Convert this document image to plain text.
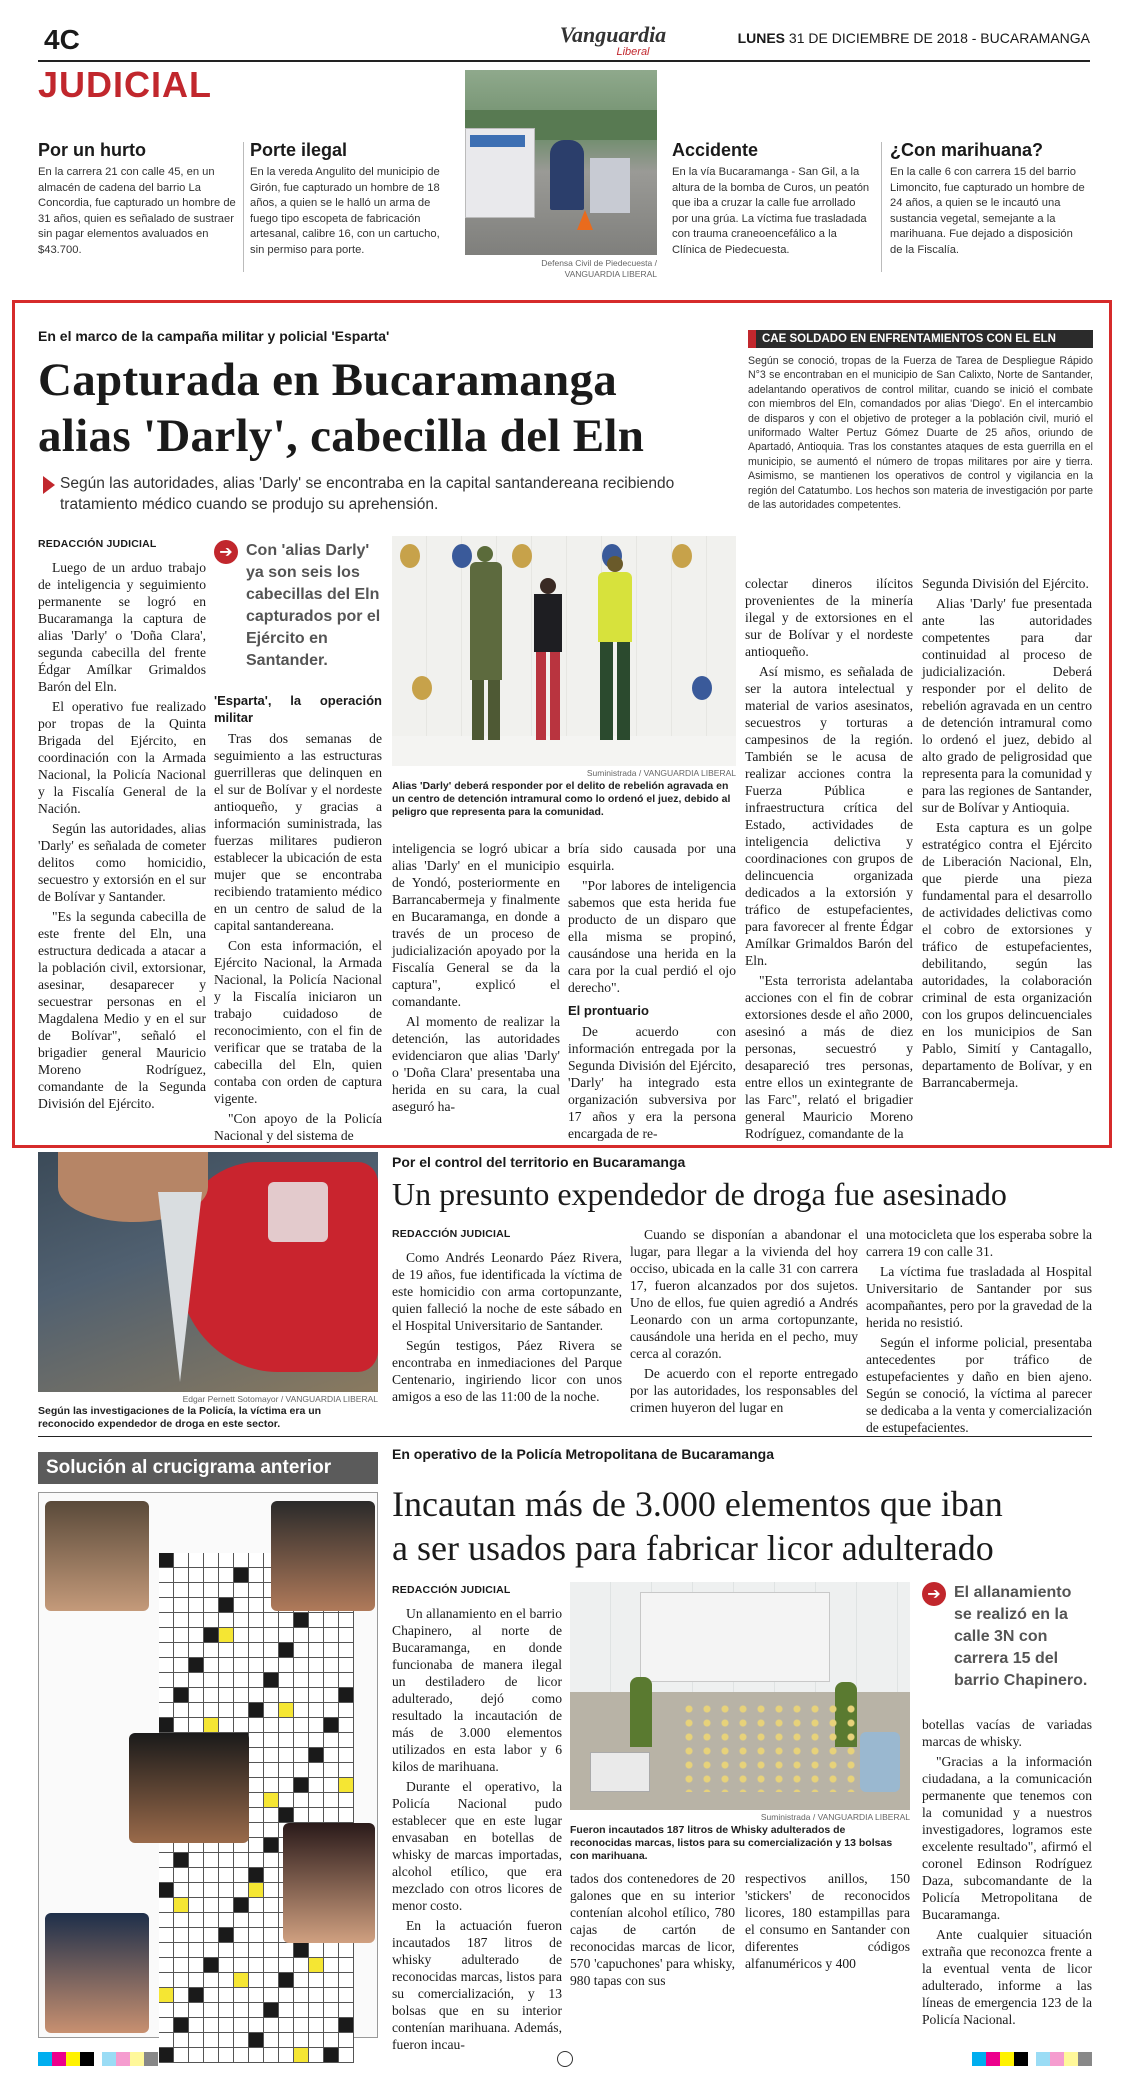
4C	Vanguardia
Liberal
LUNES 31 DE DICIEMBRE DE 2018 - BUCARAMANGA
JUDICIAL
Por un hurto
En la carrera 21 con calle 45, en un almacén de cadena del barrio La Concordia, fue capturado un hombre de 31 años, quien es señalado de sustraer sin pagar elementos avaluados en $43.700.
Porte ilegal
En la vereda Angulito del municipio de Girón, fue capturado un hombre de 18 años, a quien se le halló un arma de fuego tipo escopeta de fabricación artesanal, calibre 16, con un cartucho, sin permiso para porte.
Defensa Civil de Piedecuesta / VANGUARDIA LIBERAL
Accidente
En la vía Bucaramanga - San Gil, a la altura de la bomba de Curos, un peatón que iba a cruzar la calle fue arrollado por una grúa. La víctima fue trasladada con trauma craneoencefálico a la Clínica de Piedecuesta.
¿Con marihuana?
En la calle 6 con carrera 15 del barrio Limoncito, fue capturado un hombre de 24 años, a quien se le incautó una sustancia vegetal, semejante a la marihuana. Fue dejado a disposición de la Fiscalía.
En el marco de la campaña militar y policial 'Esparta'
Capturada en Bucaramanga
alias 'Darly', cabecilla del Eln
Según las autoridades, alias 'Darly' se encontraba en la capital santandereana recibiendo tratamiento médico cuando se produjo su aprehensión.
CAE SOLDADO EN ENFRENTAMIENTOS CON EL ELN
Según se conoció, tropas de la Fuerza de Tarea de Despliegue Rápido N°3 se encontraban en el municipio de San Calixto, Norte de Santander, adelantando operativos de control militar, cuando se inició el combate con miembros del Eln, comandados por alias 'Diego'. En el intercambio de disparos y con el objetivo de proteger a la población civil, murió el uniformado Walter Pertuz Gómez Duarte de 25 años, oriundo de Apartadó, Antioquia. Tras los constantes ataques de esta guerrilla en el municipio, se aumentó el número de tropas militares por aire y tierra. Asimismo, se mantienen los operativos de control y vigilancia en la región del Catatumbo. Los hechos son materia de investigación por parte de las autoridades competentes.
REDACCIÓN JUDICIAL

Luego de un arduo trabajo de inteligencia y seguimiento permanente se logró en Bucaramanga la captura de alias 'Darly' o 'Doña Clara', segunda cabecilla del frente Édgar Amílkar Grimaldos Barón del Eln.

El operativo fue realizado por tropas de la Quinta Brigada del Ejército, en coordinación con la Armada Nacional, la Policía Nacional y la Fiscalía General de la Nación.

Según las autoridades, alias 'Darly' es señalada de cometer delitos como homicidio, secuestro y extorsión en el sur de Bolívar y Santander.

"Es la segunda cabecilla de este frente del Eln, una estructura dedicada a atacar a la población civil, extorsionar, asesinar, desaparecer y secuestrar personas en el Magdalena Medio y en el sur de Bolívar", señaló el brigadier general Mauricio Moreno Rodríguez, comandante de la Segunda División del Ejército.

➔ Con 'alias Darly' ya son seis los cabecillas del Eln capturados por el Ejército en Santander.
'Esparta', la operación militar

Tras dos semanas de seguimiento a las estructuras guerrilleras que delinquen en el sur de Bolívar y el nordeste antioqueño, y gracias a información suministrada, las fuerzas militares pudieron establecer la ubicación de esta mujer que se encontraba recibiendo tratamiento médico en un centro de salud de la capital santandereana.

Con esta información, el Ejército Nacional, la Armada Nacional, la Policía Nacional y la Fiscalía iniciaron un trabajo cuidadoso de reconocimiento, con el fin de verificar que se trataba de la cabecilla del Eln, quien contaba con orden de captura vigente.

"Con apoyo de la Policía Nacional y del sistema de

Suministrada / VANGUARDIA LIBERAL
Alias 'Darly' deberá responder por el delito de rebelión agravada en un centro de detención intramural como lo ordenó el juez, debido al peligro que representa para la comunidad.

inteligencia se logró ubicar a alias 'Darly' en el municipio de Yondó, posteriormente en Barrancabermeja y finalmente en Bucaramanga, en donde a través de un proceso de judicialización apoyado por la Fiscalía General se da la captura", explicó el comandante.

Al momento de realizar la detención, las autoridades evidenciaron que alias 'Darly' o 'Doña Clara' presentaba una herida en su cara, la cual aseguró ha-

bría sido causada por una esquirla.

"Por labores de inteligencia sabemos que esta herida fue producto de un disparo que ella misma se propinó, causándose una herida en la cara por la cual perdió el ojo derecho".

El prontuario

De acuerdo con información entregada por la Segunda División del Ejército, 'Darly' ha integrado esta organización subversiva por 17 años y era la persona encargada de re-

colectar dineros ilícitos provenientes de la minería ilegal y de extorsiones en el sur de Bolívar y el nordeste antioqueño.

Así mismo, es señalada de ser la autora intelectual y material de varios asesinatos, secuestros y torturas a campesinos de la región. También se le acusa de realizar acciones contra la Fuerza Pública e infraestructura crítica del Estado, actividades de inteligencia delictiva y coordinaciones con grupos de delincuencia organizada dedicados a la extorsión y tráfico de estupefacientes, para favorecer al frente Édgar Amílkar Grimaldos Barón del Eln.

"Esta terrorista adelantaba acciones con el fin de cobrar extorsiones desde el año 2000, asesinó a más de diez personas, secuestró y desapareció tres personas, entre ellos un exintegrante de las Farc", relató el brigadier general Mauricio Moreno Rodríguez, comandante de la

Segunda División del Ejército.

Alias 'Darly' fue presentada ante las autoridades competentes para dar continuidad al proceso de judicialización. Deberá responder por el delito de rebelión agravada en un centro de detención intramural como lo ordenó el juez, debido al alto grado de peligrosidad que representa para la comunidad y para las regiones de Santander, sur de Bolívar y Antioquia.

Esta captura es un golpe estratégico contra el Ejército de Liberación Nacional, Eln, que pierde una pieza fundamental para el desarrollo de actividades delictivas como el cobro de extorsiones y tráfico de estupefacientes, debilitando, según las autoridades, la colaboración criminal de esta organización con los grupos delincuenciales en los municipios de San Pablo, Simití y Cantagallo, departamento de Bolívar, y en Barrancabermeja.

Edgar Pernett Sotomayor / VANGUARDIA LIBERAL
Según las investigaciones de la Policía, la víctima era un reconocido expendedor de droga en este sector.
Por el control del territorio en Bucaramanga
Un presunto expendedor de droga fue asesinado
REDACCIÓN JUDICIAL

Como Andrés Leonardo Páez Rivera, de 19 años, fue identificada la víctima de este homicidio con arma cortopunzante, quien falleció la noche de este sábado en el Hospital Universitario de Santander.

Según testigos, Páez Rivera se encontraba en inmediaciones del Parque Centenario, ingiriendo licor con unos amigos a eso de las 11:00 de la noche.

Cuando se disponían a abandonar el lugar, para llegar a la vivienda del hoy occiso, ubicada en la calle 31 con carrera 17, fueron alcanzados por dos sujetos. Uno de ellos, fue quien agredió a Andrés Leonardo con un arma cortopunzante, causándole una herida en el pecho, muy cerca al corazón.

De acuerdo con el reporte entregado por las autoridades, los responsables del crimen huyeron del lugar en

una motocicleta que los esperaba sobre la carrera 19 con calle 31.

La víctima fue trasladada al Hospital Universitario de Santander por sus acompañantes, pero por la gravedad de la herida no resistió.

Según el informe policial, presentaba antecedentes por tráfico de estupefacientes y daño en bien ajeno. Según se conoció, la víctima al parecer se dedicaba a la venta y comercialización de estupefacientes.

Solución al crucigrama anterior
En operativo de la Policía Metropolitana de Bucaramanga
Incautan más de 3.000 elementos que iban
a ser usados para fabricar licor adulterado
REDACCIÓN JUDICIAL

Un allanamiento en el barrio Chapinero, al norte de Bucaramanga, en donde funcionaba de manera ilegal un destiladero de licor adulterado, dejó como resultado la incautación de más de 3.000 elementos utilizados en esta labor y 6 kilos de marihuana.

Durante el operativo, la Policía Nacional pudo establecer que en este lugar envasaban en botellas de whisky de marcas importadas, alcohol etílico, que era mezclado con otros licores de menor costo.

En la actuación fueron incautados 187 litros de whisky adulterado de reconocidas marcas, listos para su comercialización, y 13 bolsas que en su interior contenían marihuana. Además, fueron incau-

Suministrada / VANGUARDIA LIBERAL
Fueron incautados 187 litros de Whisky adulterados de reconocidas marcas, listos para su comercialización y 13 bolsas con marihuana.
➔ El allanamiento se realizó en la calle 3N con carrera 15 del barrio Chapinero.

tados dos contenedores de 20 galones que en su interior contenían alcohol etílico, 780 cajas de cartón de reconocidas marcas de licor, 570 'capuchones' para whisky, 980 tapas con sus

respectivos anillos, 150 'stickers' de reconocidos licores, 180 estampillas para el consumo en Santander con diferentes códigos alfanuméricos y 400

botellas vacías de variadas marcas de whisky.

"Gracias a la información ciudadana, a la comunicación permanente que tenemos con la comunidad y a nuestros investigadores, logramos este excelente resultado", afirmó el coronel Edinson Rodríguez Daza, subcomandante de la Policía Metropolitana de Bucaramanga.

Ante cualquier situación extraña que reconozca frente a la eventual venta de licor adulterado, informe a las líneas de emergencia 123 de la Policía Nacional.
